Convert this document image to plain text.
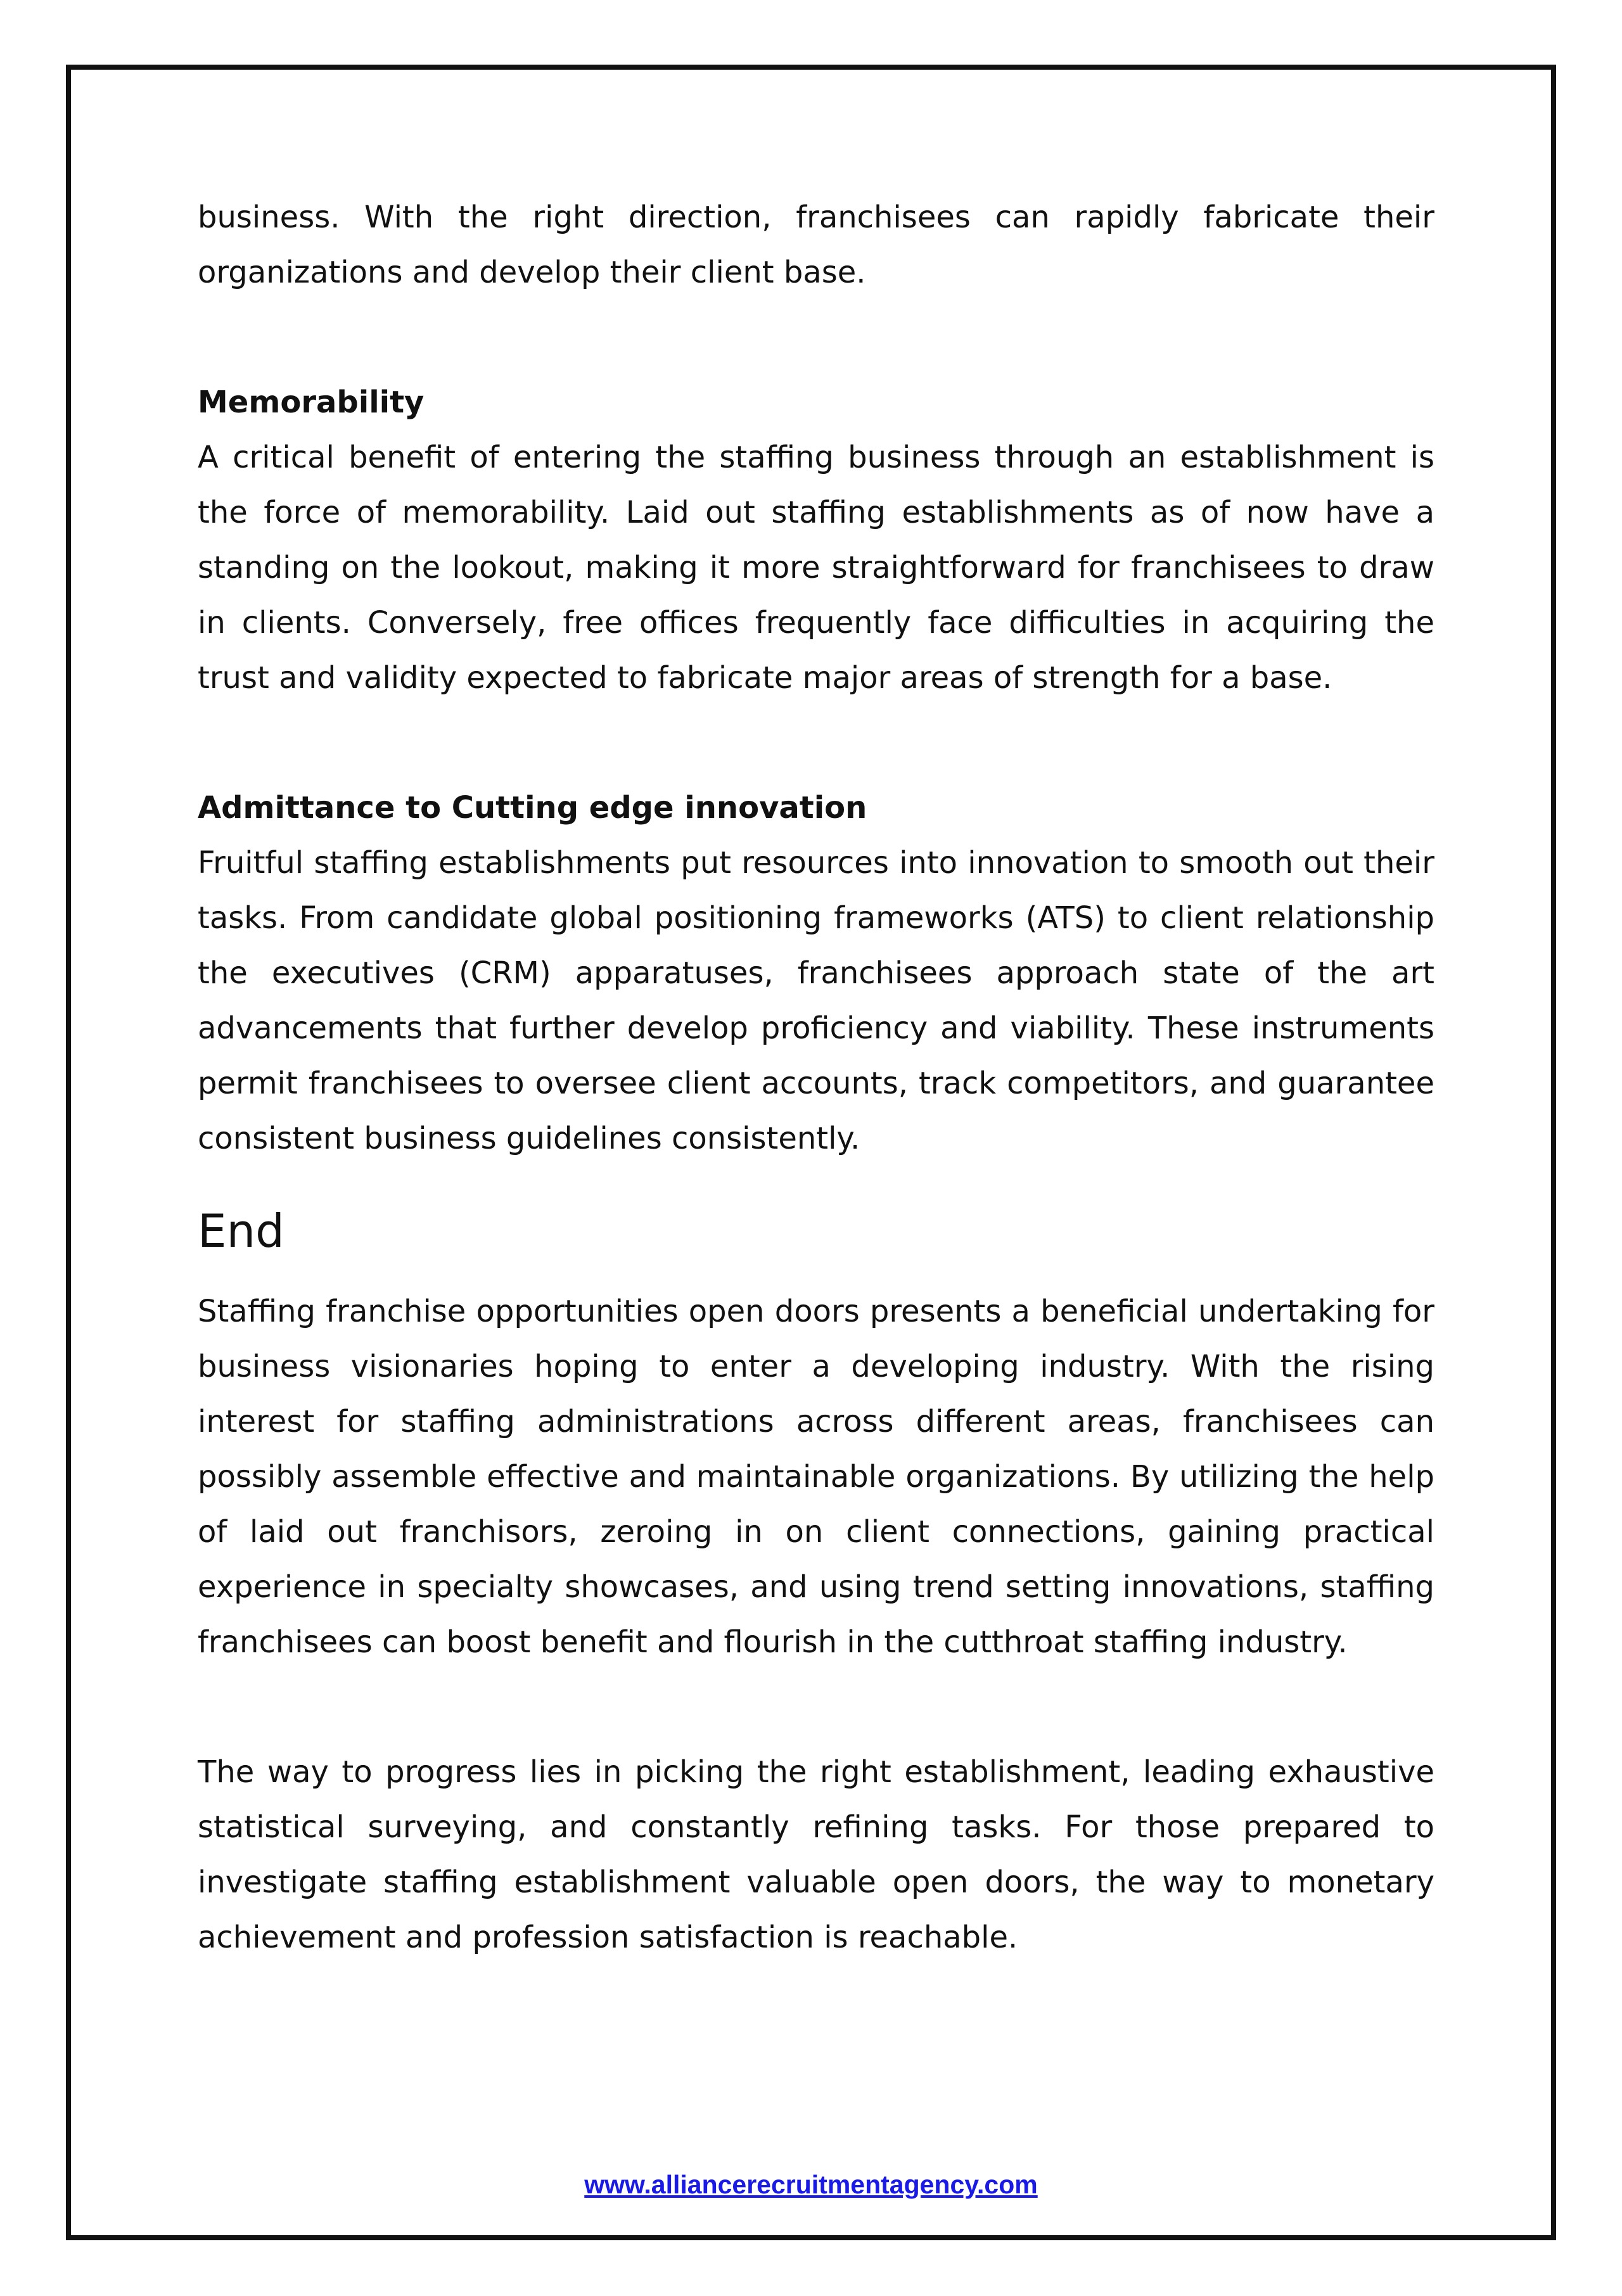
business. With the right direction, franchisees can rapidly fabricate their organizations and develop their client base.

Memorability

A critical benefit of entering the staffing business through an establishment is the force of memorability. Laid out staffing establishments as of now have a standing on the lookout, making it more straightforward for franchisees to draw in clients. Conversely, free offices frequently face difficulties in acquiring the trust and validity expected to fabricate major areas of strength for a base.

Admittance to Cutting edge innovation

Fruitful staffing establishments put resources into innovation to smooth out their tasks. From candidate global positioning frameworks (ATS) to client relationship the executives (CRM) apparatuses, franchisees approach state of the art advancements that further develop proficiency and viability. These instruments permit franchisees to oversee client accounts, track competitors, and guarantee consistent business guidelines consistently.

End

Staffing franchise opportunities open doors presents a beneficial undertaking for business visionaries hoping to enter a developing industry. With the rising interest for staffing administrations across different areas, franchisees can possibly assemble effective and maintainable organizations. By utilizing the help of laid out franchisors, zeroing in on client connections, gaining practical experience in specialty showcases, and using trend setting innovations, staffing franchisees can boost benefit and flourish in the cutthroat staffing industry.

The way to progress lies in picking the right establishment, leading exhaustive statistical surveying, and constantly refining tasks. For those prepared to investigate staffing establishment valuable open doors, the way to monetary achievement and profession satisfaction is reachable.

www.alliancerecruitmentagency.com
